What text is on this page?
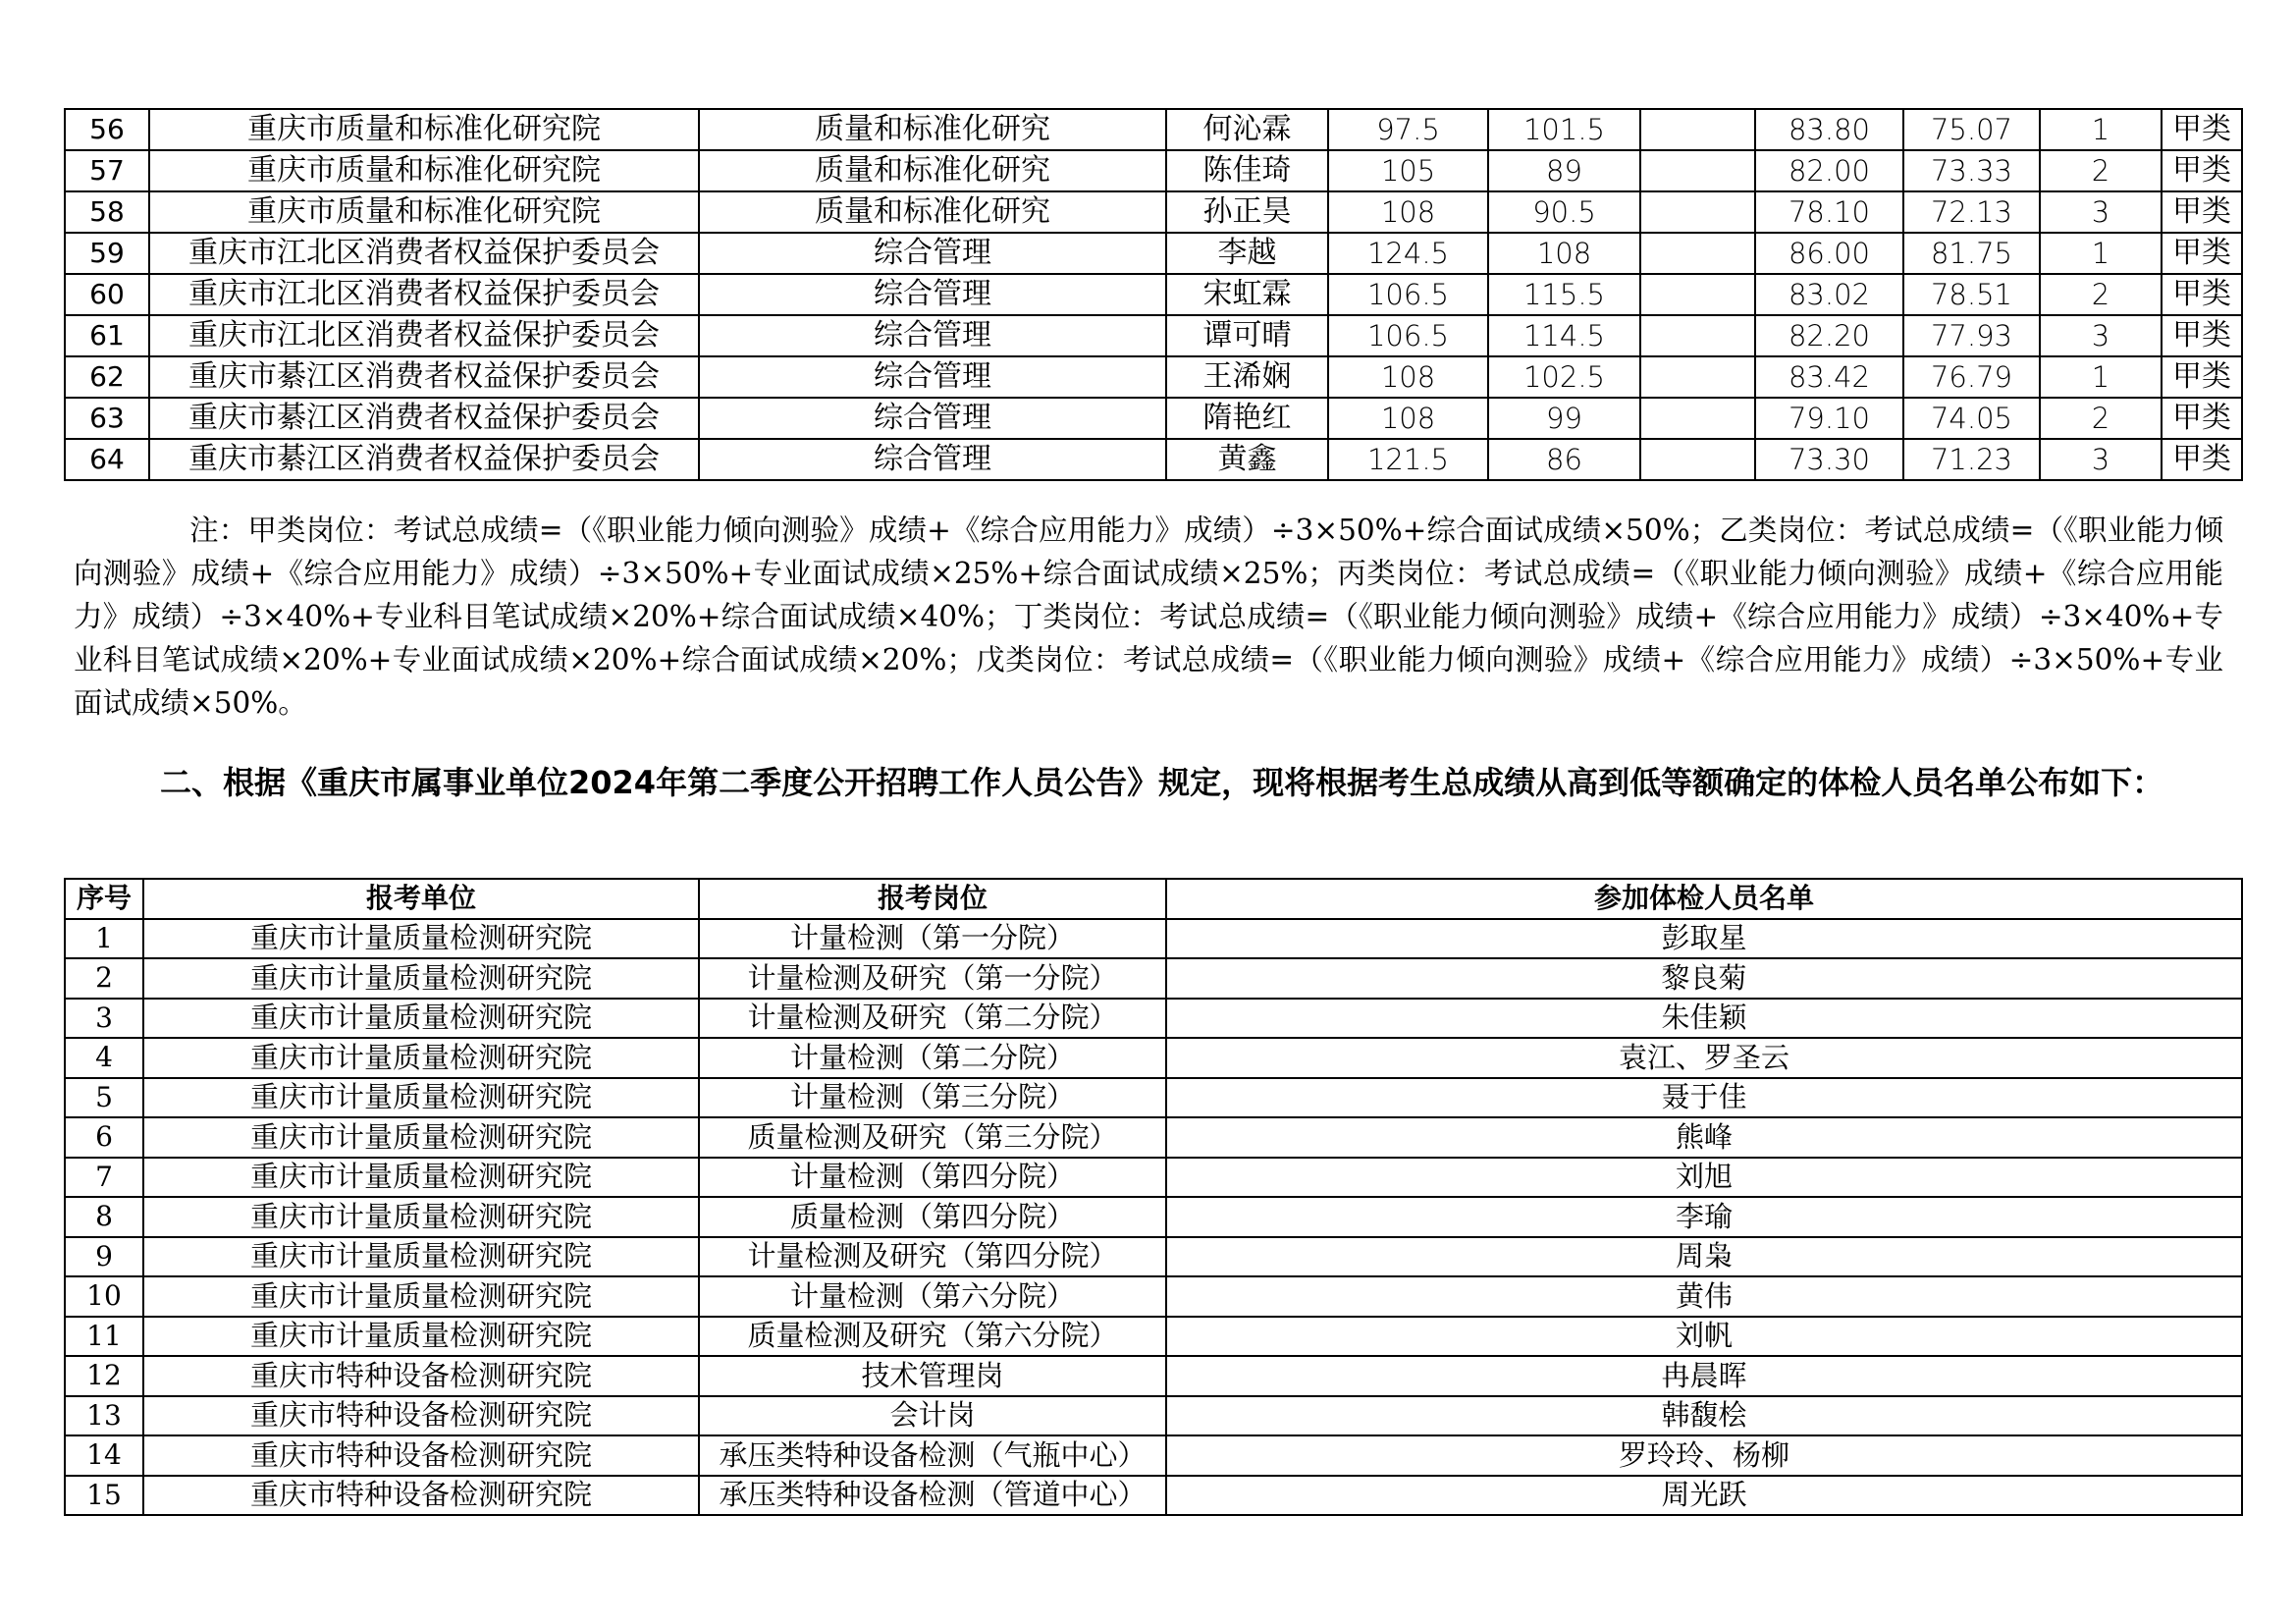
56	重庆市质量和标准化研究院	质量和标准化研究	何沁霖	97.5	101.5		83.80	75.07	1	甲类
57	重庆市质量和标准化研究院	质量和标准化研究	陈佳琦	105	89		82.00	73.33	2	甲类
58	重庆市质量和标准化研究院	质量和标准化研究	孙正昊	108	90.5		78.10	72.13	3	甲类
59	重庆市江北区消费者权益保护委员会	综合管理	李越	124.5	108		86.00	81.75	1	甲类
60	重庆市江北区消费者权益保护委员会	综合管理	宋虹霖	106.5	115.5		83.02	78.51	2	甲类
61	重庆市江北区消费者权益保护委员会	综合管理	谭可晴	106.5	114.5		82.20	77.93	3	甲类
62	重庆市綦江区消费者权益保护委员会	综合管理	王浠娴	108	102.5		83.42	76.79	1	甲类
63	重庆市綦江区消费者权益保护委员会	综合管理	隋艳红	108	99		79.10	74.05	2	甲类
64	重庆市綦江区消费者权益保护委员会	综合管理	黄鑫	121.5	86		73.30	71.23	3	甲类
注：甲类岗位：考试总成绩=（《职业能力倾向测验》成绩+《综合应用能力》成绩）÷3×50%+综合面试成绩×50%；乙类岗位：考试总成绩=（《职业能力倾向测验》成绩+《综合应用能力》成绩）÷3×50%+专业面试成绩×25%+综合面试成绩×25%；丙类岗位：考试总成绩=（《职业能力倾向测验》成绩+《综合应用能力》成绩）÷3×40%+专业科目笔试成绩×20%+综合面试成绩×40%；丁类岗位：考试总成绩=（《职业能力倾向测验》成绩+《综合应用能力》成绩）÷3×40%+专业科目笔试成绩×20%+专业面试成绩×20%+综合面试成绩×20%；戊类岗位：考试总成绩=（《职业能力倾向测验》成绩+《综合应用能力》成绩）÷3×50%+专业面试成绩×50%。
二、根据《重庆市属事业单位2024年第二季度公开招聘工作人员公告》规定，现将根据考生总成绩从高到低等额确定的体检人员名单公布如下：
序号	报考单位	报考岗位	参加体检人员名单
1	重庆市计量质量检测研究院	计量检测（第一分院）	彭取星
2	重庆市计量质量检测研究院	计量检测及研究（第一分院）	黎良菊
3	重庆市计量质量检测研究院	计量检测及研究（第二分院）	朱佳颖
4	重庆市计量质量检测研究院	计量检测（第二分院）	袁江、罗圣云
5	重庆市计量质量检测研究院	计量检测（第三分院）	聂于佳
6	重庆市计量质量检测研究院	质量检测及研究（第三分院）	熊峰
7	重庆市计量质量检测研究院	计量检测（第四分院）	刘旭
8	重庆市计量质量检测研究院	质量检测（第四分院）	李瑜
9	重庆市计量质量检测研究院	计量检测及研究（第四分院）	周枭
10	重庆市计量质量检测研究院	计量检测（第六分院）	黄伟
11	重庆市计量质量检测研究院	质量检测及研究（第六分院）	刘帆
12	重庆市特种设备检测研究院	技术管理岗	冉晨晖
13	重庆市特种设备检测研究院	会计岗	韩馥桧
14	重庆市特种设备检测研究院	承压类特种设备检测（气瓶中心）	罗玲玲、杨柳
15	重庆市特种设备检测研究院	承压类特种设备检测（管道中心）	周光跃
